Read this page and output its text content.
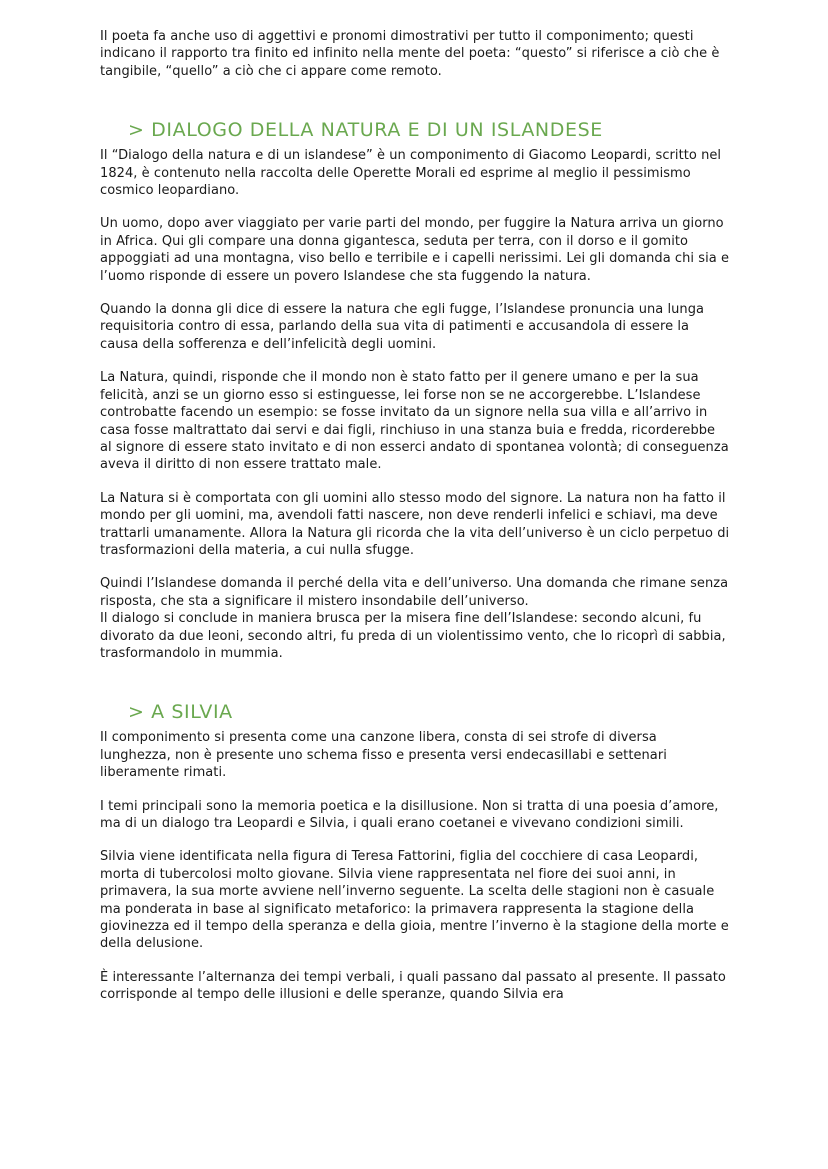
Il poeta fa anche uso di aggettivi e pronomi dimostrativi per tutto il componimento; questi indicano il rapporto tra finito ed infinito nella mente del poeta: “questo” si riferisce a ciò che è tangibile, “quello” a ciò che ci appare come remoto.

> DIALOGO DELLA NATURA E DI UN ISLANDESE

Il “Dialogo della natura e di un islandese” è un componimento di Giacomo Leopardi, scritto nel 1824, è contenuto nella raccolta delle Operette Morali ed esprime al meglio il pessimismo cosmico leopardiano.

Un uomo, dopo aver viaggiato per varie parti del mondo, per fuggire la Natura arriva un giorno in Africa. Qui gli compare una donna gigantesca, seduta per terra, con il dorso e il gomito appoggiati ad una montagna, viso bello e terribile e i capelli nerissimi. Lei gli domanda chi sia e l’uomo risponde di essere un povero Islandese che sta fuggendo la natura.

Quando la donna gli dice di essere la natura che egli fugge, l’Islandese pronuncia una lunga requisitoria contro di essa, parlando della sua vita di patimenti e accusandola di essere la causa della sofferenza e dell’infelicità degli uomini.

La Natura, quindi, risponde che il mondo non è stato fatto per il genere umano e per la sua felicità, anzi se un giorno esso si estinguesse, lei forse non se ne accorgerebbe. L’Islandese controbatte facendo un esempio: se fosse invitato da un signore nella sua villa e all’arrivo in casa fosse maltrattato dai servi e dai figli, rinchiuso in una stanza buia e fredda, ricorderebbe al signore di essere stato invitato e di non esserci andato di spontanea volontà; di conseguenza aveva il diritto di non essere trattato male.

La Natura si è comportata con gli uomini allo stesso modo del signore. La natura non ha fatto il mondo per gli uomini, ma, avendoli fatti nascere, non deve renderli infelici e schiavi, ma deve trattarli umanamente. Allora la Natura gli ricorda che la vita dell’universo è un ciclo perpetuo di trasformazioni della materia, a cui nulla sfugge.

Quindi l’Islandese domanda il perché della vita e dell’universo. Una domanda che rimane senza risposta, che sta a significare il mistero insondabile dell’universo.

Il dialogo si conclude in maniera brusca per la misera fine dell’Islandese: secondo alcuni, fu divorato da due leoni, secondo altri, fu preda di un violentissimo vento, che lo ricoprì di sabbia, trasformandolo in mummia.

> A SILVIA

Il componimento si presenta come una canzone libera, consta di sei strofe di diversa lunghezza, non è presente uno schema fisso e presenta versi endecasillabi e settenari liberamente rimati.

I temi principali sono la memoria poetica e la disillusione. Non si tratta di una poesia d’amore, ma di un dialogo tra Leopardi e Silvia, i quali erano coetanei e vivevano condizioni simili.

Silvia viene identificata nella figura di Teresa Fattorini, figlia del cocchiere di casa Leopardi, morta di tubercolosi molto giovane. Silvia viene rappresentata nel fiore dei suoi anni, in primavera, la sua morte avviene nell’inverno seguente. La scelta delle stagioni non è casuale ma ponderata in base al significato metaforico: la primavera rappresenta la stagione della giovinezza ed il tempo della speranza e della gioia, mentre l’inverno è la stagione della morte e della delusione.

È interessante l’alternanza dei tempi verbali, i quali passano dal passato al presente. Il passato corrisponde al tempo delle illusioni e delle speranze, quando Silvia era
